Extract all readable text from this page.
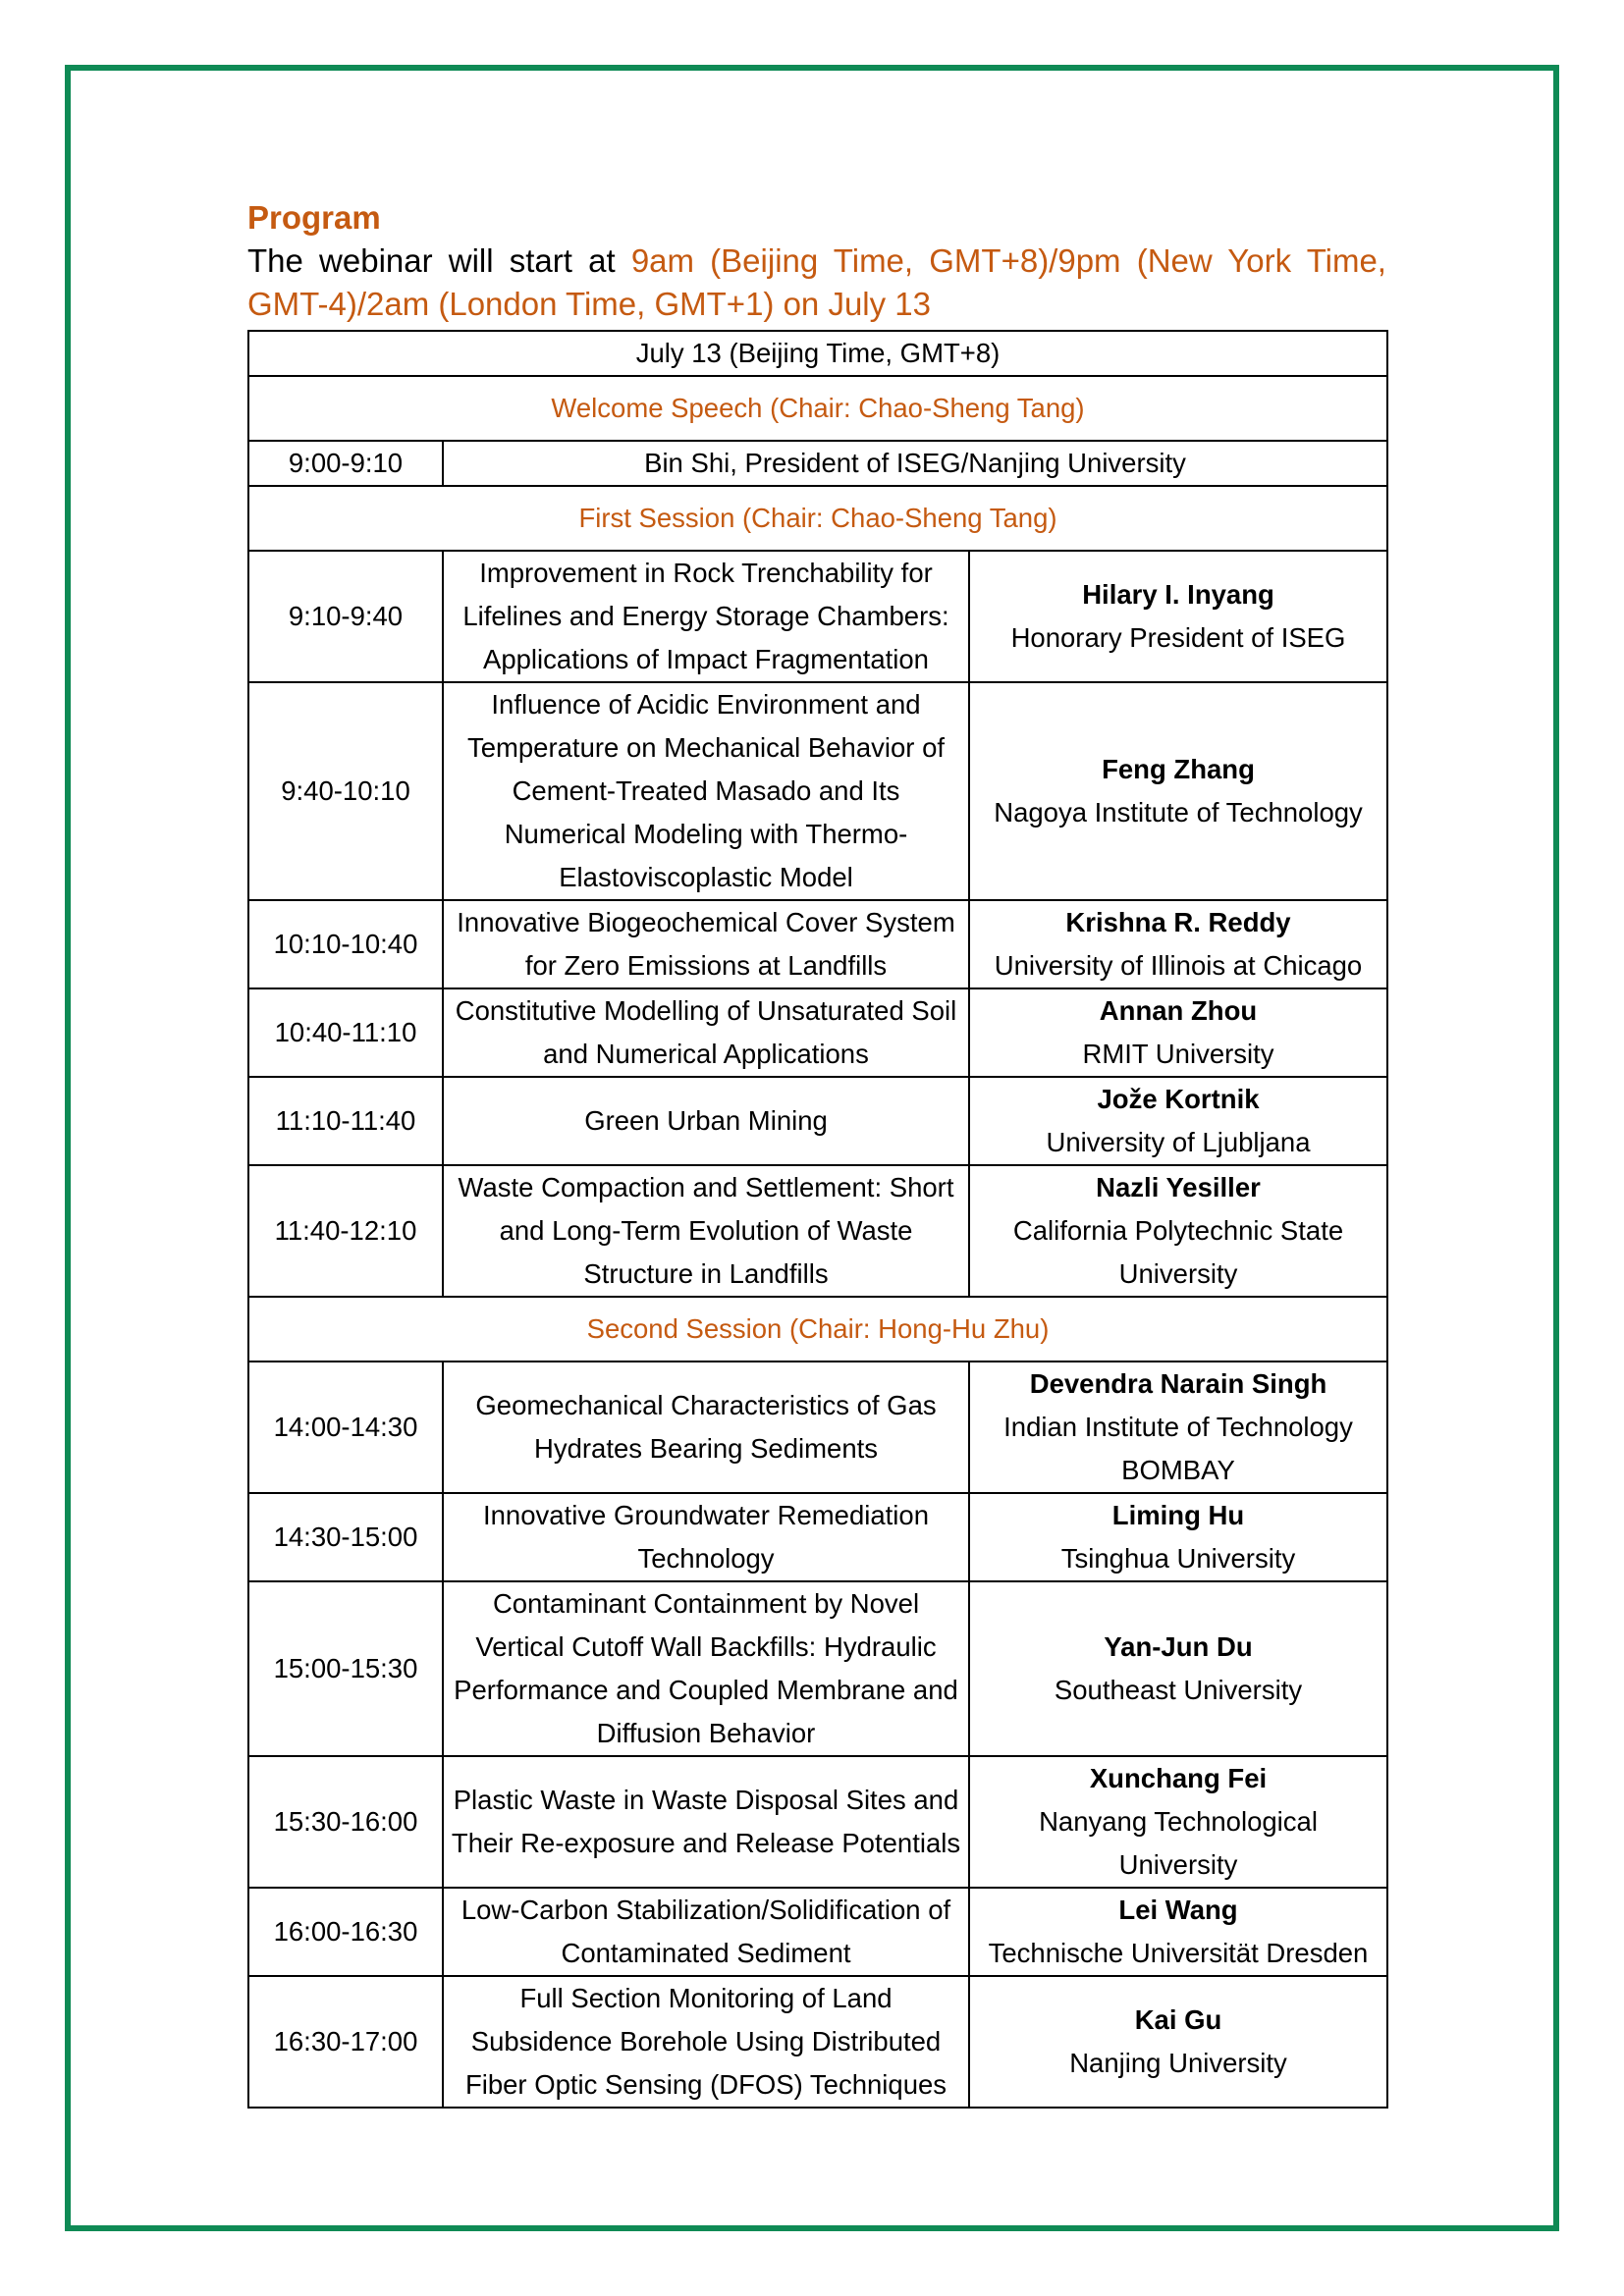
Program

The webinar will start at 9am (Beijing Time, GMT+8)/9pm (New York Time, GMT-4)/2am (London Time, GMT+1) on July 13

July 13 (Beijing Time, GMT+8)		
Welcome Speech (Chair: Chao-Sheng Tang)		
9:00-9:10	Bin Shi, President of ISEG/Nanjing University	
First Session (Chair: Chao-Sheng Tang)		
9:10-9:40	Improvement in Rock Trenchability for Lifelines and Energy Storage Chambers: Applications of Impact Fragmentation	Hilary I. Inyang
Honorary President of ISEG

9:40-10:10	Influence of Acidic Environment and Temperature on Mechanical Behavior of Cement-Treated Masado and Its Numerical Modeling with Thermo-Elastoviscoplastic Model	Feng Zhang
Nagoya Institute of Technology

10:10-10:40	Innovative Biogeochemical Cover System for Zero Emissions at Landfills	Krishna R. Reddy
University of Illinois at Chicago

10:40-11:10	Constitutive Modelling of Unsaturated Soil and Numerical Applications	Annan Zhou
RMIT University

11:10-11:40	Green Urban Mining	Jože Kortnik
University of Ljubljana

11:40-12:10	Waste Compaction and Settlement: Short and Long-Term Evolution of Waste Structure in Landfills	Nazli Yesiller
California Polytechnic State University

Second Session (Chair: Hong-Hu Zhu)		
14:00-14:30	Geomechanical Characteristics of Gas Hydrates Bearing Sediments	Devendra Narain Singh
Indian Institute of Technology BOMBAY

14:30-15:00	Innovative Groundwater Remediation Technology	Liming Hu
Tsinghua University

15:00-15:30	Contaminant Containment by Novel Vertical Cutoff Wall Backfills: Hydraulic Performance and Coupled Membrane and Diffusion Behavior	Yan-Jun Du
Southeast University

15:30-16:00	Plastic Waste in Waste Disposal Sites and Their Re-exposure and Release Potentials	Xunchang Fei
Nanyang Technological University

16:00-16:30	Low-Carbon Stabilization/Solidification of Contaminated Sediment	Lei Wang
Technische Universität Dresden

16:30-17:00	Full Section Monitoring of Land Subsidence Borehole Using Distributed Fiber Optic Sensing (DFOS) Techniques	Kai Gu
Nanjing University
